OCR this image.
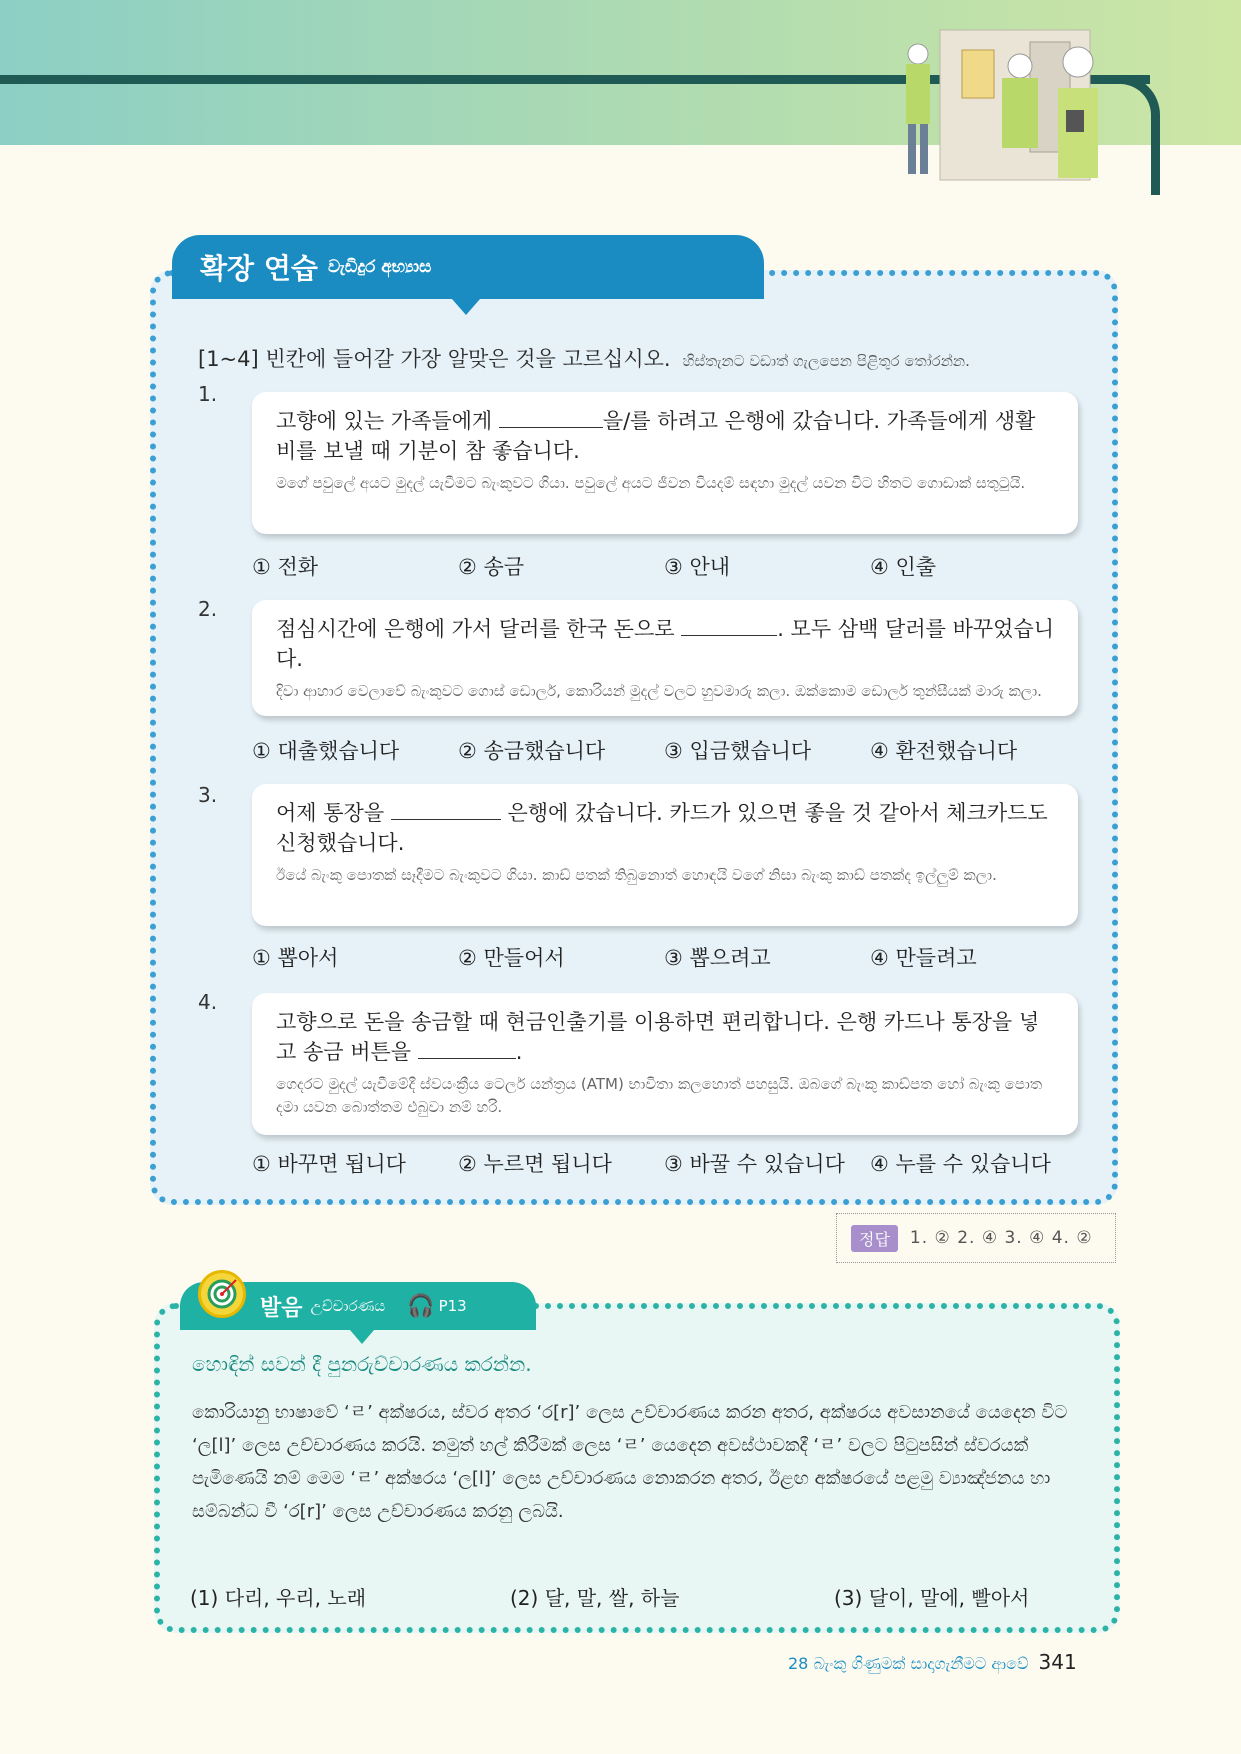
확장 연습 වැඩිදුර අභ්‍යාස
[1~4] 빈칸에 들어갈 가장 알맞은 것을 고르십시오. හිස්තැනට වඩාත් ගැලපෙන පිළිතුර තෝරන්න.
1.
고향에 있는 가족들에게	을/를 하려고 은행에 갔습니다. 가족들에게 생활비를 보낼 때 기분이 참 좋습니다.
මගේ පවුලේ අයට මුදල් යැවීමට බැංකුවට ගියා. පවුලේ අයට ජීවන වියදම් සඳහා මුදල් යවන විට හිතට ගොඩාක් සතුටුයි.
① 전화	② 송금	③ 안내	④ 인출
2.
점심시간에 은행에 가서 달러를 한국 돈으로	. 모두 삼백 달러를 바꾸었습니다.
දිවා ආහාර වෙලාවේ බැංකුවට ගොස් ඩොලර්, කොරියන් මුදල් වලට හුවමාරු කලා. ඔක්කොම ඩොලර් තුන්සීයක් මාරු කලා.
① 대출했습니다	② 송금했습니다	③ 입금했습니다	④ 환전했습니다
3.
어제 통장을	은행에 갔습니다. 카드가 있으면 좋을 것 같아서 체크카드도 신청했습니다.
ඊයේ බැංකු පොතක් සෑදීමට බැංකුවට ගියා. කාඩ් පතක් තිබුනොත් හොඳයි වගේ නිසා බැංකු කාඩ් පතක්ද ඉල්ලුම් කලා.
① 뽑아서	② 만들어서	③ 뽑으려고	④ 만들려고
4.
고향으로 돈을 송금할 때 현금인출기를 이용하면 편리합니다. 은행 카드나 통장을 넣고 송금 버튼을	.
ගෙදරට මුදල් යැවීමේදී ස්වයංක්‍රීය ටෙලර් යන්ත්‍රය (ATM) භාවිතා කලහොත් පහසුයි. ඔබගේ බැංකු කාඩ්පත හෝ බැංකු පොත දමා යවන බොත්තම එබුවා නම් හරි.
① 바꾸면 됩니다	② 누르면 됩니다	③ 바꿀 수 있습니다	④ 누를 수 있습니다
정답	1. ② 2. ④ 3. ④ 4. ②
발음 උච්චාරණය 🎧 P13
හොඳින් සවන් දී පුනරුච්චාරණය කරන්න.
කොරියානු භාෂාවේ ‘ㄹ’ අක්ෂරය, ස්වර අතර ‘ර[r]’ ලෙස උච්චාරණය කරන අතර, අක්ෂරය අවසානයේ යෙදෙන විට ‘ල[l]’ ලෙස උච්චාරණය කරයි. නමුත් හල් කිරීමක් ලෙස ‘ㄹ’ යෙදෙන අවස්ථාවකදී ‘ㄹ’ වලට පිටුපසින් ස්වරයක් පැමිණෙයි නම් මෙම ‘ㄹ’ අක්ෂරය ‘ල[l]’ ලෙස උච්චාරණය නොකරන අතර, ඊළඟ අක්ෂරයේ පළමු ව්‍යාඤ්ජනය හා සම්බන්ධ වී ‘ර[r]’ ලෙස උච්චාරණය කරනු ලබයි.
(1) 다리, 우리, 노래	(2) 달, 말, 쌀, 하늘	(3) 달이, 말에, 빨아서
28 බැංකු ගිණුමක් සාදාගැනීමට ආවේ 341
